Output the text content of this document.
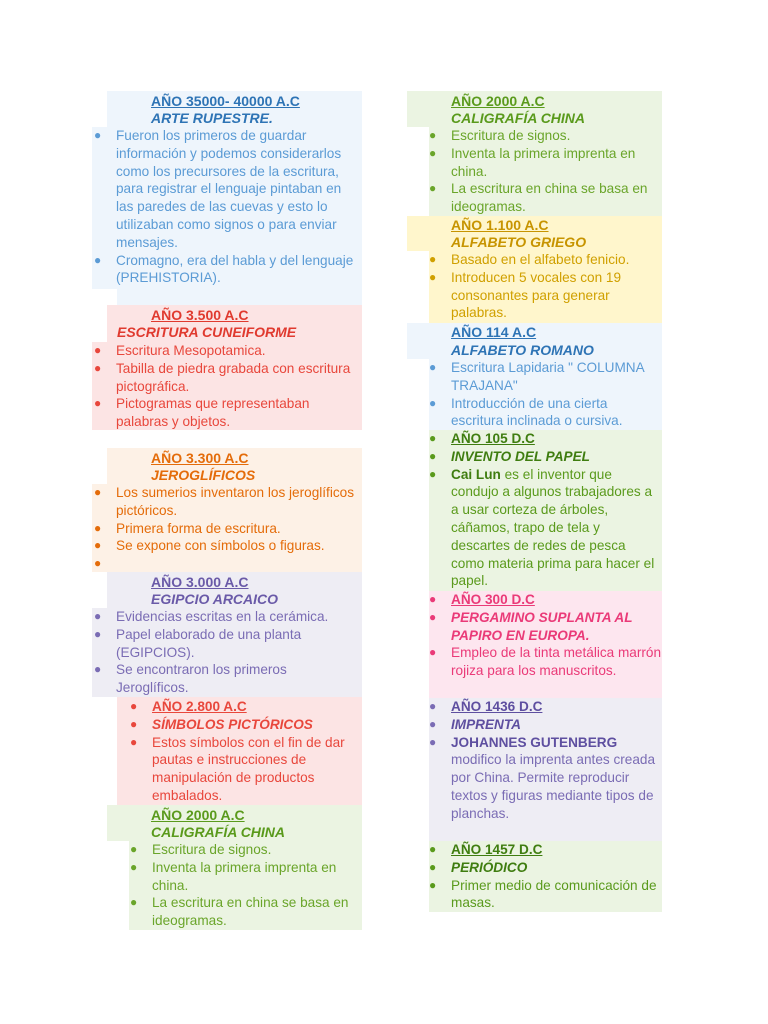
AÑO 35000- 40000 A.C
ARTE RUPESTRE.
● Fueron los primeros de guardar información y podemos considerarlos como los precursores de la escritura, para registrar el lenguaje pintaban en las paredes de las cuevas y esto lo utilizaban como signos o para enviar mensajes.
● Cromagno, era del habla y del lenguaje (PREHISTORIA).
AÑO 3.500 A.C
ESCRITURA CUNEIFORME
● Escritura Mesopotamica.
● Tabilla de piedra grabada con escritura pictográfica.
● Pictogramas que representaban palabras y objetos.
AÑO 3.300 A.C
JEROGLÍFICOS
● Los sumerios inventaron los jeroglíficos pictóricos.
● Primera forma de escritura.
● Se expone con símbolos o figuras.
●
AÑO 3.000 A.C
EGIPCIO ARCAICO
● Evidencias escritas en la cerámica.
● Papel elaborado de una planta (EGIPCIOS).
● Se encontraron los primeros Jeroglíficos.
● AÑO 2.800 A.C
● SÍMBOLOS PICTÓRICOS
● Estos símbolos con el fin de dar pautas e instrucciones de manipulación de productos embalados.
AÑO 2000 A.C
CALIGRAFÍA CHINA
● Escritura de signos.
● Inventa la primera imprenta en china.
● La escritura en china se basa en ideogramas.
AÑO 2000 A.C
CALIGRAFÍA CHINA
● Escritura de signos.
● Inventa la primera imprenta en china.
● La escritura en china se basa en ideogramas.
AÑO 1.100 A.C
ALFABETO GRIEGO
● Basado en el alfabeto fenicio.
● Introducen 5 vocales con 19 consonantes para generar palabras.
AÑO 114 A.C
ALFABETO ROMANO
● Escritura Lapidaria " COLUMNA TRAJANA"
● Introducción de una cierta escritura inclinada o cursiva.
● AÑO 105 D.C
● INVENTO DEL PAPEL
● Cai Lun es el inventor que condujo a algunos trabajadores a a usar corteza de árboles, cáñamos, trapo de tela y descartes de redes de pesca como materia prima para hacer el papel.
● AÑO 300 D.C
● PERGAMINO SUPLANTA AL PAPIRO EN EUROPA.
● Empleo de la tinta metálica marrón rojiza para los manuscritos.
● AÑO 1436 D.C
● IMPRENTA
● JOHANNES GUTENBERG modifico la imprenta antes creada por China. Permite reproducir textos y figuras mediante tipos de planchas.
● AÑO 1457 D.C
● PERIÓDICO
● Primer medio de comunicación de masas.
